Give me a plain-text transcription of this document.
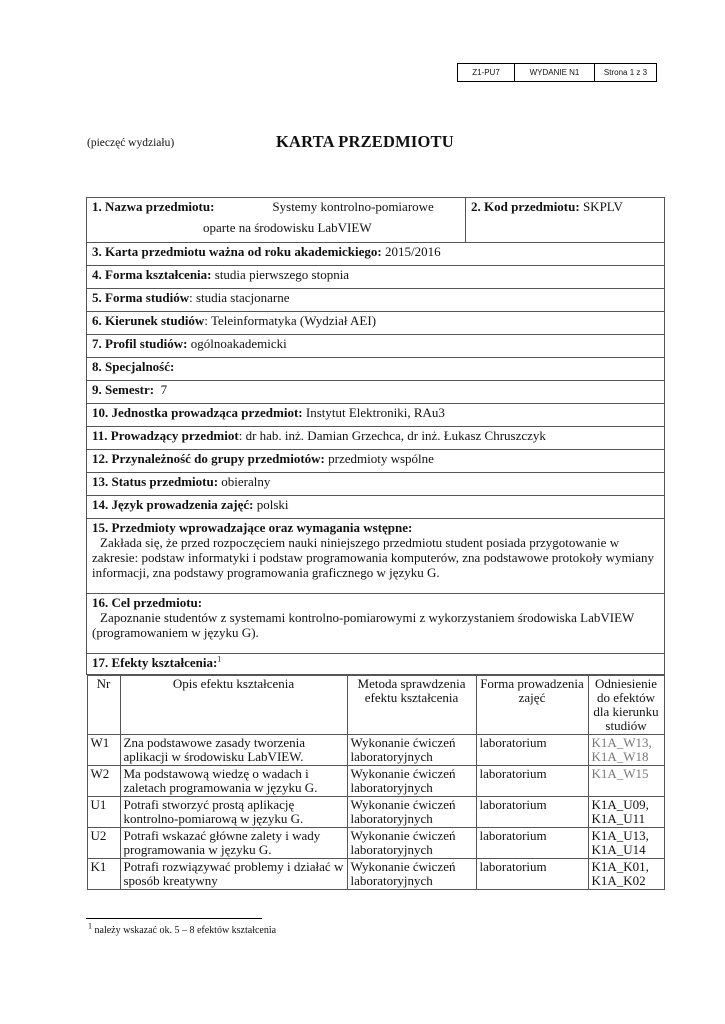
Z1-PU7	WYDANIE N1	Strona 1 z 3
(pieczęć wydziału)	KARTA PRZEDMIOTU
1. Nazwa przedmiotu:	Systemy kontrolno-pomiarowe
oparte na środowisku LabVIEW
	2. Kod przedmiotu: SKPLV
3. Karta przedmiotu ważna od roku akademickiego: 2015/2016
4. Forma kształcenia: studia pierwszego stopnia
5. Forma studiów: studia stacjonarne
6. Kierunek studiów: Teleinformatyka (Wydział AEI)
7. Profil studiów: ogólnoakademicki
8. Specjalność:
9. Semestr: 7
10. Jednostka prowadząca przedmiot: Instytut Elektroniki, RAu3
11. Prowadzący przedmiot: dr hab. inż. Damian Grzechca, dr inż. Łukasz Chruszczyk
12. Przynależność do grupy przedmiotów: przedmioty wspólne
13. Status przedmiotu: obieralny
14. Język prowadzenia zajęć: polski
15. Przedmioty wprowadzające oraz wymagania wstępne:
Zakłada się, że przed rozpoczęciem nauki niniejszego przedmiotu student posiada przygotowanie w zakresie: podstaw informatyki i podstaw programowania komputerów, zna podstawowe protokoły wymiany informacji, zna podstawy programowania graficznego w języku G.

16. Cel przedmiotu:
Zapoznanie studentów z systemami kontrolno-pomiarowymi z wykorzystaniem środowiska LabVIEW (programowaniem w języku G).

17. Efekty kształcenia:$^1$

Nr	Opis efektu kształcenia	Metoda sprawdzenia efektu kształcenia	Forma prowadzenia zajęć	Odniesienie do efektów dla kierunku studiów
W1	Zna podstawowe zasady tworzenia aplikacji w środowisku LabVIEW.	Wykonanie ćwiczeń laboratoryjnych	laboratorium	K1A_W13, K1A_W18
W2	Ma podstawową wiedzę o wadach i zaletach programowania w języku G.	Wykonanie ćwiczeń laboratoryjnych	laboratorium	K1A_W15
U1	Potrafi stworzyć prostą aplikację kontrolno-pomiarową w języku G.	Wykonanie ćwiczeń laboratoryjnych	laboratorium	K1A_U09, K1A_U11
U2	Potrafi wskazać główne zalety i wady programowania w języku G.	Wykonanie ćwiczeń laboratoryjnych	laboratorium	K1A_U13, K1A_U14
K1	Potrafi rozwiązywać problemy i działać w sposób kreatywny	Wykonanie ćwiczeń laboratoryjnych	laboratorium	K1A_K01, K1A_K02
$^1$ należy wskazać ok. 5 – 8 efektów kształcenia
